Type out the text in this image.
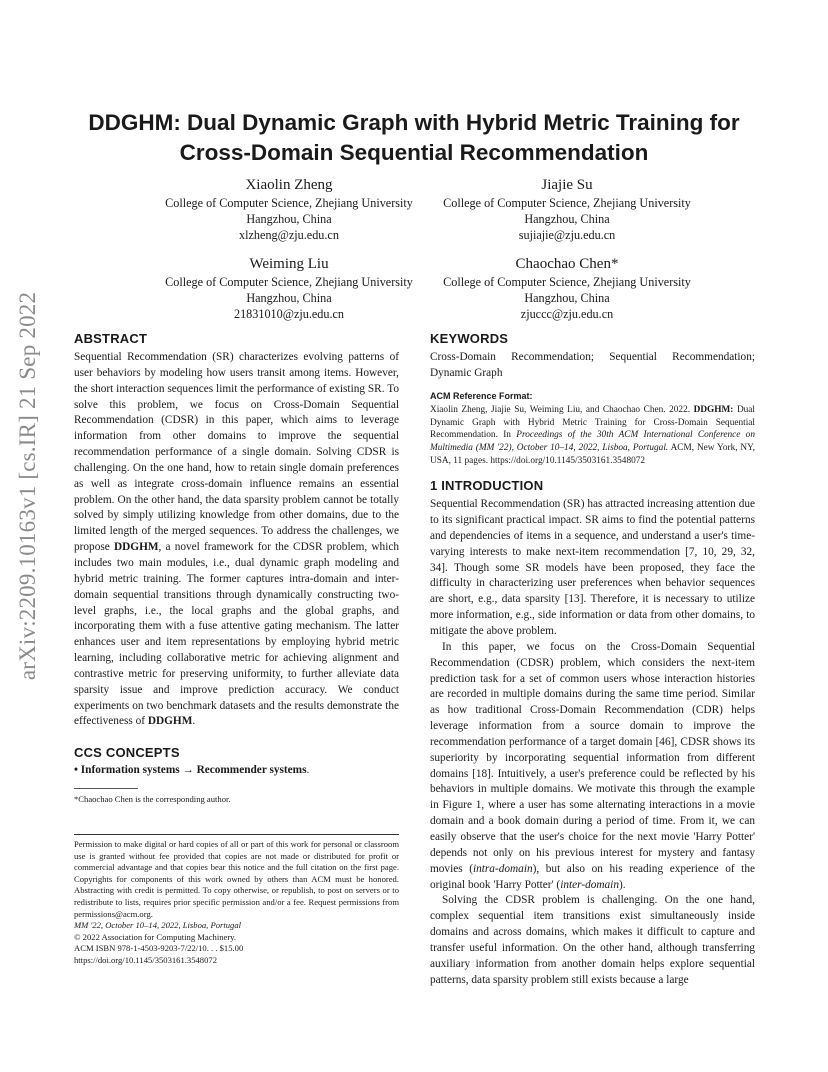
DDGHM: Dual Dynamic Graph with Hybrid Metric Training for
Cross-Domain Sequential Recommendation
Xiaolin Zheng
College of Computer Science, Zhejiang University
Hangzhou, China
xlzheng@zju.edu.cn
Jiajie Su
College of Computer Science, Zhejiang University
Hangzhou, China
sujiajie@zju.edu.cn
Weiming Liu
College of Computer Science, Zhejiang University
Hangzhou, China
21831010@zju.edu.cn
Chaochao Chen*
College of Computer Science, Zhejiang University
Hangzhou, China
zjuccc@zju.edu.cn
arXiv:2209.10163v1 [cs.IR] 21 Sep 2022	ABSTRACT
Sequential Recommendation (SR) characterizes evolving patterns of user behaviors by modeling how users transit among items. However, the short interaction sequences limit the performance of existing SR. To solve this problem, we focus on Cross-Domain Sequential Recommendation (CDSR) in this paper, which aims to leverage information from other domains to improve the sequential recommendation performance of a single domain. Solving CDSR is challenging. On the one hand, how to retain single domain preferences as well as integrate cross-domain influence remains an essential problem. On the other hand, the data sparsity problem cannot be totally solved by simply utilizing knowledge from other domains, due to the limited length of the merged sequences. To address the challenges, we propose DDGHM, a novel framework for the CDSR problem, which includes two main modules, i.e., dual dynamic graph modeling and hybrid metric training. The former captures intra-domain and inter-domain sequential transitions through dynamically constructing two-level graphs, i.e., the local graphs and the global graphs, and incorporating them with a fuse attentive gating mechanism. The latter enhances user and item representations by employing hybrid metric learning, including collaborative metric for achieving alignment and contrastive metric for preserving uniformity, to further alleviate data sparsity issue and improve prediction accuracy. We conduct experiments on two benchmark datasets and the results demonstrate the effectiveness of DDGHM.
CCS CONCEPTS
• Information systems → Recommender systems.
*Chaochao Chen is the corresponding author.
Permission to make digital or hard copies of all or part of this work for personal or classroom use is granted without fee provided that copies are not made or distributed for profit or commercial advantage and that copies bear this notice and the full citation on the first page. Copyrights for components of this work owned by others than ACM must be honored. Abstracting with credit is permitted. To copy otherwise, or republish, to post on servers or to redistribute to lists, requires prior specific permission and/or a fee. Request permissions from permissions@acm.org.
MM '22, October 10–14, 2022, Lisboa, Portugal
© 2022 Association for Computing Machinery.
ACM ISBN 978-1-4503-9203-7/22/10. . . $15.00
https://doi.org/10.1145/3503161.3548072
KEYWORDS
Cross-Domain Recommendation; Sequential Recommendation; Dynamic Graph
ACM Reference Format:
Xiaolin Zheng, Jiajie Su, Weiming Liu, and Chaochao Chen. 2022. DDGHM: Dual Dynamic Graph with Hybrid Metric Training for Cross-Domain Sequential Recommendation. In Proceedings of the 30th ACM International Conference on Multimedia (MM '22), October 10–14, 2022, Lisboa, Portugal. ACM, New York, NY, USA, 11 pages. https://doi.org/10.1145/3503161.3548072
1 INTRODUCTION
Sequential Recommendation (SR) has attracted increasing attention due to its significant practical impact. SR aims to find the potential patterns and dependencies of items in a sequence, and understand a user's time-varying interests to make next-item recommendation [7, 10, 29, 32, 34]. Though some SR models have been proposed, they face the difficulty in characterizing user preferences when behavior sequences are short, e.g., data sparsity [13]. Therefore, it is necessary to utilize more information, e.g., side information or data from other domains, to mitigate the above problem.
In this paper, we focus on the Cross-Domain Sequential Recommendation (CDSR) problem, which considers the next-item prediction task for a set of common users whose interaction histories are recorded in multiple domains during the same time period. Similar as how traditional Cross-Domain Recommendation (CDR) helps leverage information from a source domain to improve the recommendation performance of a target domain [46], CDSR shows its superiority by incorporating sequential information from different domains [18]. Intuitively, a user's preference could be reflected by his behaviors in multiple domains. We motivate this through the example in Figure 1, where a user has some alternating interactions in a movie domain and a book domain during a period of time. From it, we can easily observe that the user's choice for the next movie 'Harry Potter' depends not only on his previous interest for mystery and fantasy movies (intra-domain), but also on his reading experience of the original book 'Harry Potter' (inter-domain).
Solving the CDSR problem is challenging. On the one hand, complex sequential item transitions exist simultaneously inside domains and across domains, which makes it difficult to capture and transfer useful information. On the other hand, although transferring auxiliary information from another domain helps explore sequential patterns, data sparsity problem still exists because a large
